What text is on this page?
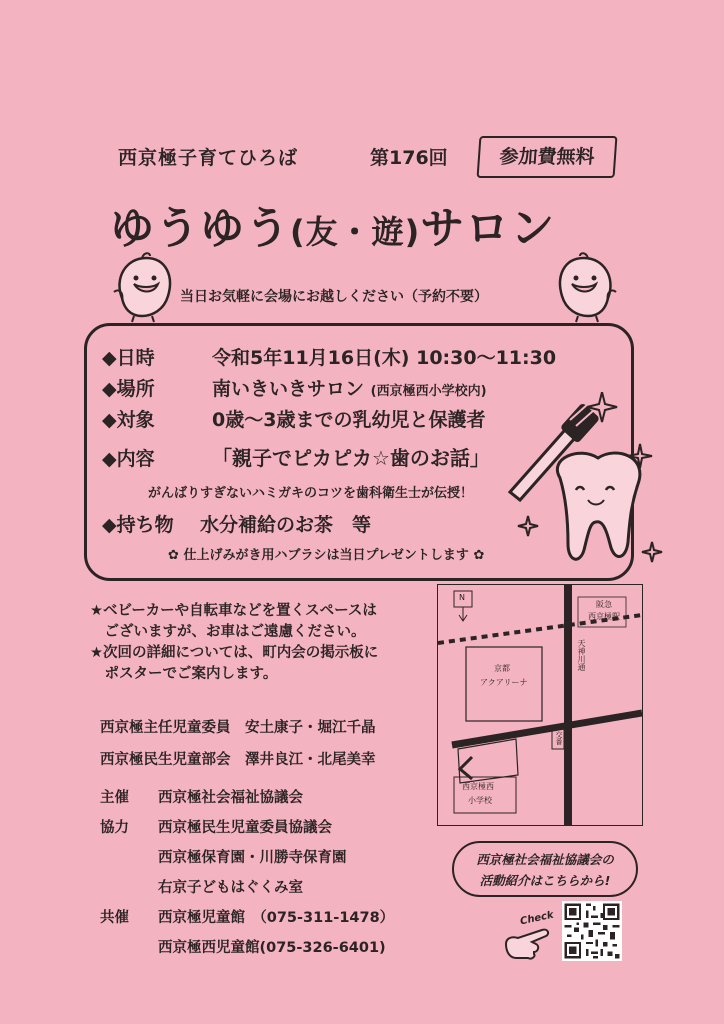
西京極子育てひろば	第176回	参加費無料
ゆうゆう(友・遊)サロン
当日お気軽に会場にお越しください（予約不要）
◆日時	令和5年11月16日(木) 10:30～11:30
◆場所	南いきいきサロン (西京極西小学校内)
◆対象	0歳～3歳までの乳幼児と保護者
◆内容	「親子でピカピカ☆歯のお話」
がんばりすぎないハミガキのコツを歯科衛生士が伝授！
◆持ち物 水分補給のお茶　等
✿ 仕上げみがき用ハブラシは当日プレゼントします ✿
★ベビーカーや自転車などを置くスペースは
　ございますが、お車はご遠慮ください。
★次回の詳細については、町内会の掲示板に
　ポスターでご案内します。
西京極主任児童委員　安土康子・堀江千晶
西京極民生児童部会　澤井良江・北尾美幸
主催 西京極社会福祉協議会
協力 西京極民生児童委員協議会
西京極保育園・川勝寺保育園
右京子どもはぐくみ室
共催 西京極児童館　（075-311-1478）
西京極西児童館(075-326-6401)
N
阪急
西京極駅
天神川通
京都
アクアリーナ
交番
西京極西
小学校
西京極社会福祉協議会の
活動紹介はこちらから!
Check
